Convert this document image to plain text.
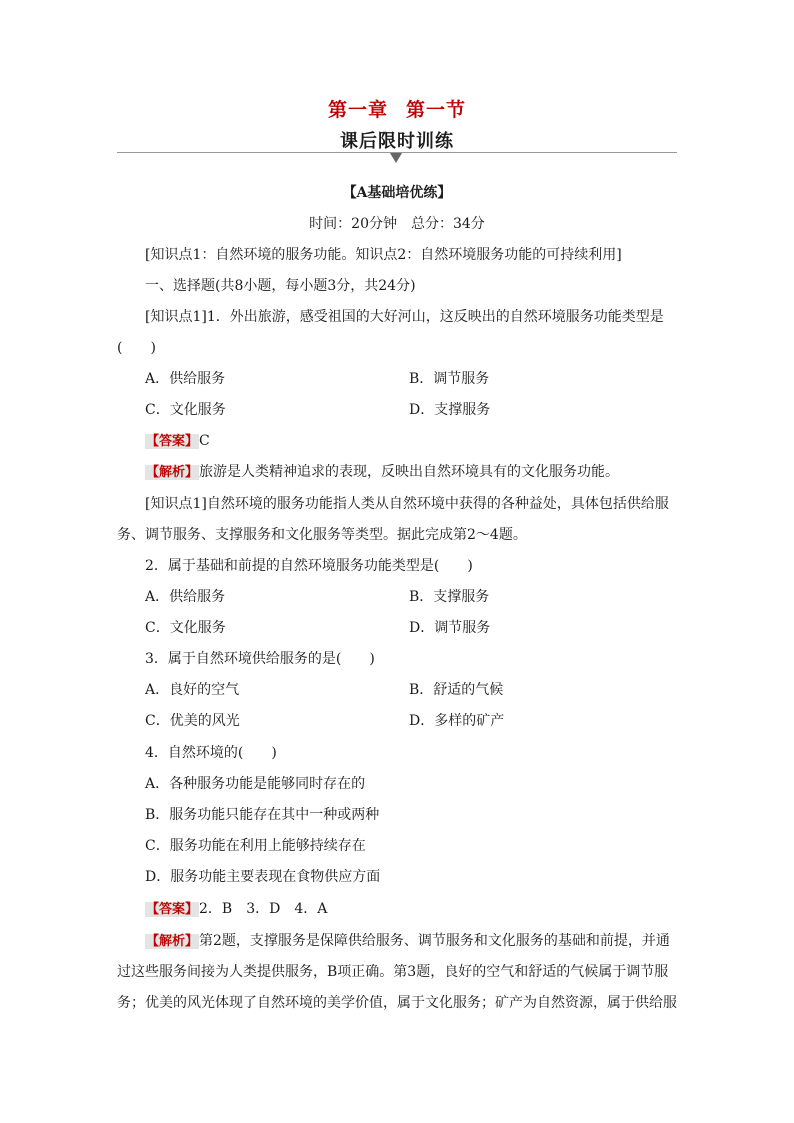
第一章 第一节
课后限时训练
【A基础培优练】
时间：20分钟　总分：34分
[知识点1：自然环境的服务功能。知识点2：自然环境服务功能的可持续利用]
一、选择题(共8小题，每小题3分，共24分)
[知识点1]1．外出旅游，感受祖国的大好河山，这反映出的自然环境服务功能类型是
(　　)
A．供给服务	B．调节服务
C．文化服务	D．支撑服务
【答案】C
【解析】旅游是人类精神追求的表现，反映出自然环境具有的文化服务功能。
[知识点1]自然环境的服务功能指人类从自然环境中获得的各种益处，具体包括供给服
务、调节服务、支撑服务和文化服务等类型。据此完成第2～4题。
2．属于基础和前提的自然环境服务功能类型是(　　)
A．供给服务	B．支撑服务
C．文化服务	D．调节服务
3．属于自然环境供给服务的是(　　)
A．良好的空气	B．舒适的气候
C．优美的风光	D．多样的矿产
4．自然环境的(　　)
A．各种服务功能是能够同时存在的
B．服务功能只能存在其中一种或两种
C．服务功能在利用上能够持续存在
D．服务功能主要表现在食物供应方面
【答案】2．B　3．D　4．A
【解析】第2题，支撑服务是保障供给服务、调节服务和文化服务的基础和前提，并通
过这些服务间接为人类提供服务，B项正确。第3题，良好的空气和舒适的气候属于调节服
务；优美的风光体现了自然环境的美学价值，属于文化服务；矿产为自然资源，属于供给服
